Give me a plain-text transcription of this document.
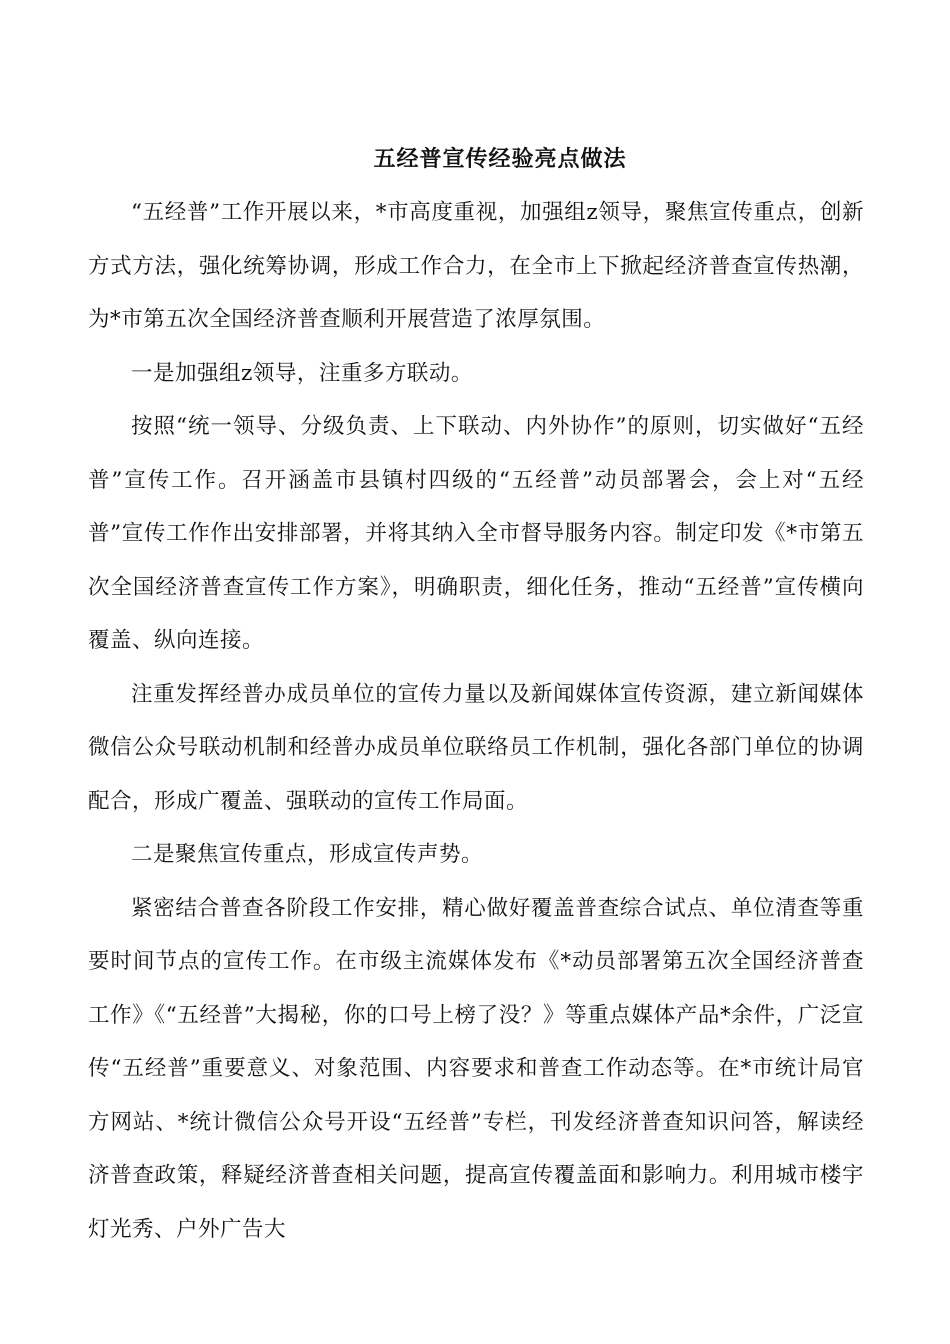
五经普宣传经验亮点做法

“五经普”工作开展以来，*市高度重视，加强组z领导，聚焦宣传重点，创新方式方法，强化统筹协调，形成工作合力，在全市上下掀起经济普查宣传热潮，为*市第五次全国经济普查顺利开展营造了浓厚氛围。

一是加强组z领导，注重多方联动。

按照“统一领导、分级负责、上下联动、内外协作”的原则，切实做好“五经普”宣传工作。召开涵盖市县镇村四级的“五经普”动员部署会，会上对“五经普”宣传工作作出安排部署，并将其纳入全市督导服务内容。制定印发《*市第五次全国经济普查宣传工作方案》，明确职责，细化任务，推动“五经普”宣传横向覆盖、纵向连接。

注重发挥经普办成员单位的宣传力量以及新闻媒体宣传资源，建立新闻媒体微信公众号联动机制和经普办成员单位联络员工作机制，强化各部门单位的协调配合，形成广覆盖、强联动的宣传工作局面。

二是聚焦宣传重点，形成宣传声势。

紧密结合普查各阶段工作安排，精心做好覆盖普查综合试点、单位清查等重要时间节点的宣传工作。在市级主流媒体发布《*动员部署第五次全国经济普查工作》《“五经普”大揭秘，你的口号上榜了没？》等重点媒体产品*余件，广泛宣传“五经普”重要意义、对象范围、内容要求和普查工作动态等。在*市统计局官方网站、*统计微信公众号开设“五经普”专栏，刊发经济普查知识问答，解读经济普查政策，释疑经济普查相关问题，提高宣传覆盖面和影响力。利用城市楼宇灯光秀、户外广告大
